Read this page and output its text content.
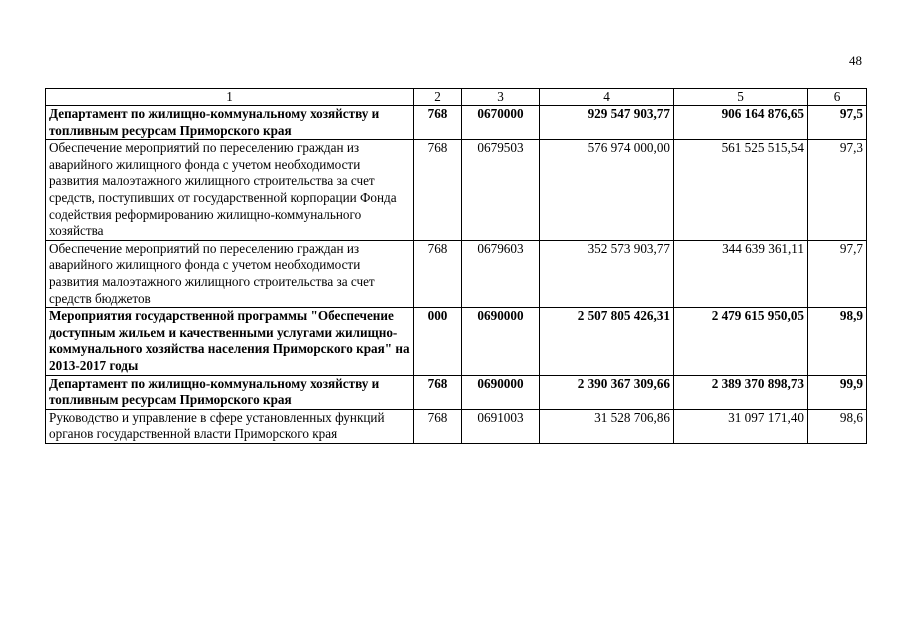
48
1	2	3	4	5	6
Департамент по жилищно-коммунальному хозяйству и топливным ресурсам Приморского края	768	0670000	929 547 903,77	906 164 876,65	97,5
Обеспечение мероприятий по переселению граждан из аварийного жилищного фонда с учетом необходимости развития малоэтажного жилищного строительства за счет средств, поступивших от государственной корпорации Фонда содействия реформированию жилищно-коммунального хозяйства	768	0679503	576 974 000,00	561 525 515,54	97,3
Обеспечение мероприятий по переселению граждан из аварийного жилищного фонда с учетом необходимости развития малоэтажного жилищного строительства за счет средств бюджетов	768	0679603	352 573 903,77	344 639 361,11	97,7
Мероприятия государственной программы "Обеспечение доступным жильем и качественными услугами жилищно-коммунального хозяйства населения Приморского края" на 2013-2017 годы	000	0690000	2 507 805 426,31	2 479 615 950,05	98,9
Департамент по жилищно-коммунальному хозяйству и топливным ресурсам Приморского края	768	0690000	2 390 367 309,66	2 389 370 898,73	99,9
Руководство и управление в сфере установленных функций органов государственной власти Приморского края	768	0691003	31 528 706,86	31 097 171,40	98,6
